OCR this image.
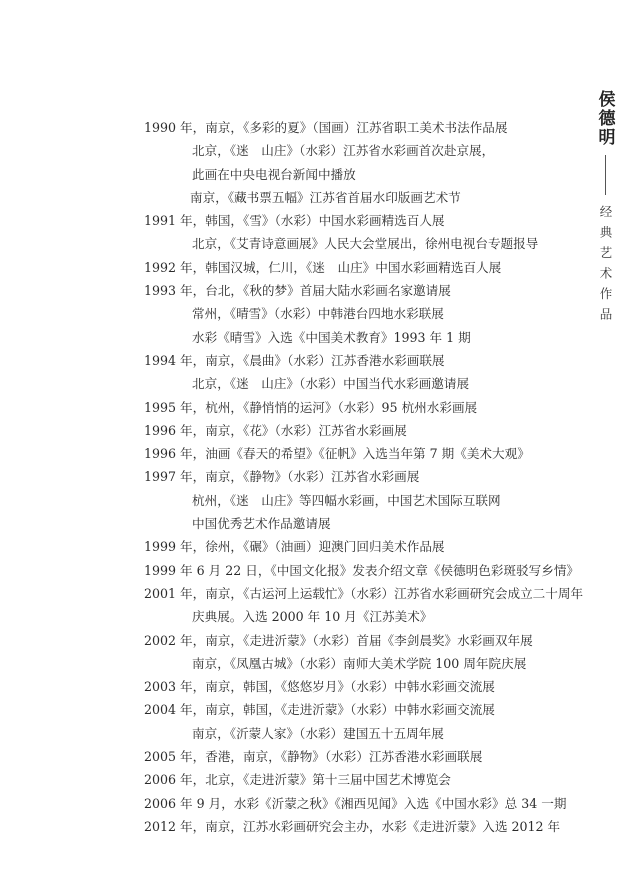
侯德明
经典艺术作品
1990 年，南京，《多彩的夏》（国画）江苏省职工美术书法作品展
北京，《迷　山庄》（水彩）江苏省水彩画首次赴京展，
此画在中央电视台新闻中播放
南京，《藏书票五幅》江苏省首届水印版画艺术节
1991 年，韩国，《雪》（水彩）中国水彩画精选百人展
北京，《艾青诗意画展》人民大会堂展出，徐州电视台专题报导
1992 年，韩国汉城，仁川，《迷　山庄》中国水彩画精选百人展
1993 年，台北，《秋的梦》首届大陆水彩画名家邀请展
常州，《晴雪》（水彩）中韩港台四地水彩联展
水彩《晴雪》入选《中国美术教育》1993 年 1 期
1994 年，南京，《晨曲》（水彩）江苏香港水彩画联展
北京，《迷　山庄》（水彩）中国当代水彩画邀请展
1995 年，杭州，《静悄悄的运河》（水彩）95 杭州水彩画展
1996 年，南京，《花》（水彩）江苏省水彩画展
1996 年，油画《春天的希望》《征帆》入选当年第 7 期《美术大观》
1997 年，南京，《静物》（水彩）江苏省水彩画展
杭州，《迷　山庄》等四幅水彩画，中国艺术国际互联网
中国优秀艺术作品邀请展
1999 年，徐州，《碾》（油画）迎澳门回归美术作品展
1999 年 6 月 22 日，《中国文化报》发表介绍文章《侯德明色彩斑驳写乡情》
2001 年，南京，《古运河上运载忙》（水彩）江苏省水彩画研究会成立二十周年
庆典展。入选 2000 年 10 月《江苏美术》
2002 年，南京，《走进沂蒙》（水彩）首届《李剑晨奖》水彩画双年展
南京，《凤凰古城》（水彩）南师大美术学院 100 周年院庆展
2003 年，南京，韩国，《悠悠岁月》（水彩）中韩水彩画交流展
2004 年，南京，韩国，《走进沂蒙》（水彩）中韩水彩画交流展
南京，《沂蒙人家》（水彩）建国五十五周年展
2005 年，香港，南京，《静物》（水彩）江苏香港水彩画联展
2006 年，北京，《走进沂蒙》第十三届中国艺术博览会
2006 年 9 月，水彩《沂蒙之秋》《湘西见闻》入选《中国水彩》总 34 一期
2012 年，南京，江苏水彩画研究会主办，水彩《走进沂蒙》入选 2012 年
